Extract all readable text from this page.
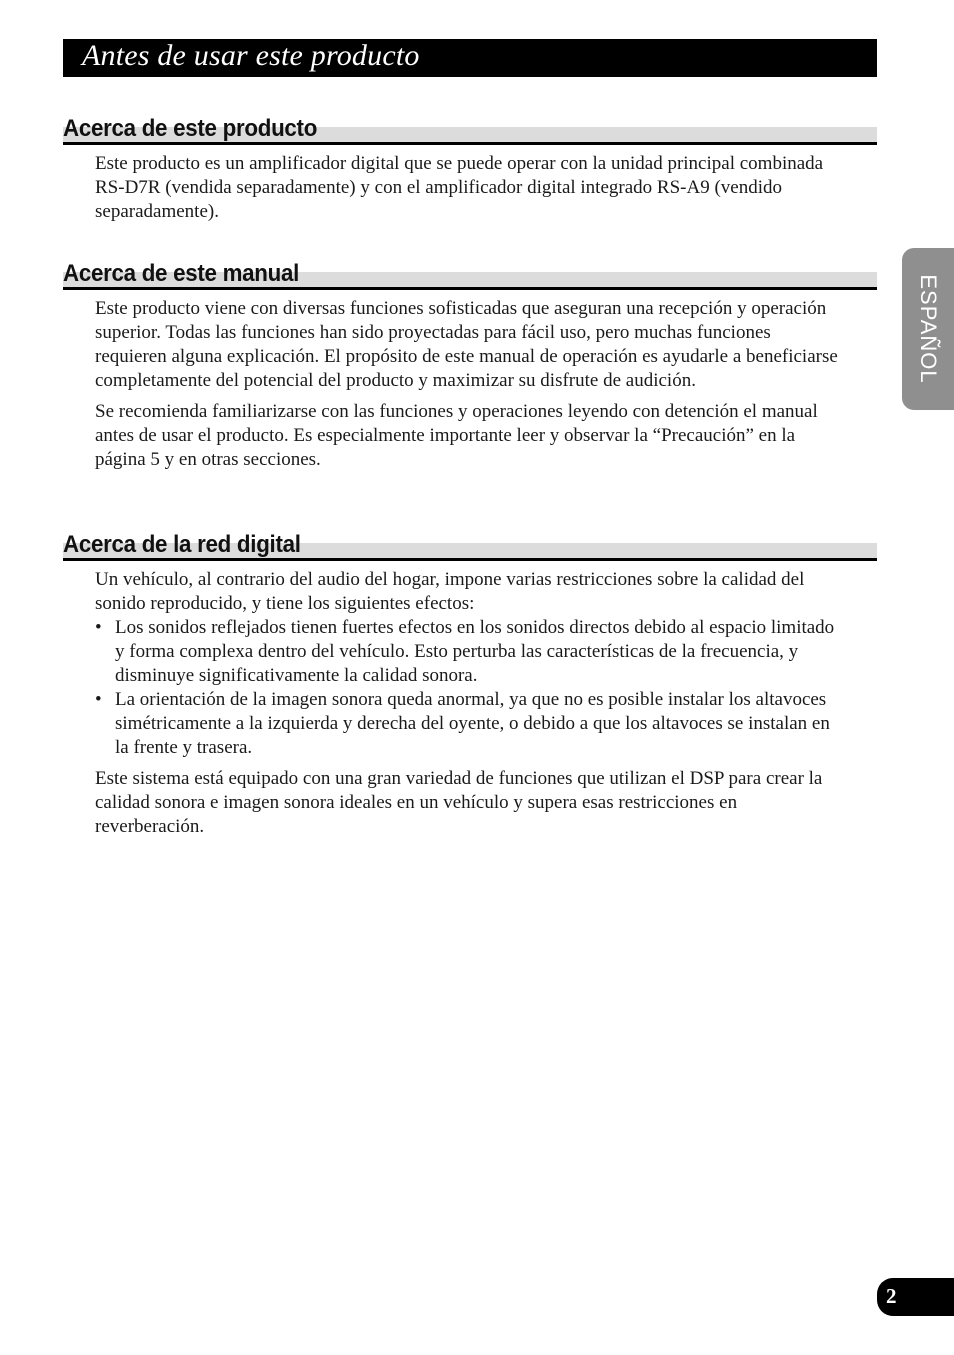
Antes de usar este producto
Acerca de este producto

Este producto es un amplificador digital que se puede operar con la unidad principal combinada RS-D7R (vendida separadamente) y con el amplificador digital integrado RS-A9 (vendido separadamente).

Acerca de este manual

Este producto viene con diversas funciones sofisticadas que aseguran una recepción y operación superior. Todas las funciones han sido proyectadas para fácil uso, pero muchas funciones requieren alguna explicación. El propósito de este manual de operación es ayudarle a beneficiarse completamente del potencial del producto y maximizar su disfrute de audición.

Se recomienda familiarizarse con las funciones y operaciones leyendo con detención el manual antes de usar el producto. Es especialmente importante leer y observar la “Precaución” en la página 5 y en otras secciones.

Acerca de la red digital

Un vehículo, al contrario del audio del hogar, impone varias restricciones sobre la calidad del sonido reproducido, y tiene los siguientes efectos:

• Los sonidos reflejados tienen fuertes efectos en los sonidos directos debido al espacio limitado y forma complexa dentro del vehículo. Esto perturba las características de la frecuencia, y disminuye significativamente la calidad sonora.
• La orientación de la imagen sonora queda anormal, ya que no es posible instalar los altavoces simétricamente a la izquierda y derecha del oyente, o debido a que los altavoces se instalan en la frente y trasera.

Este sistema está equipado con una gran variedad de funciones que utilizan el DSP para crear la calidad sonora e imagen sonora ideales en un vehículo y supera esas restricciones en reverberación.

ESPAÑOL
2
